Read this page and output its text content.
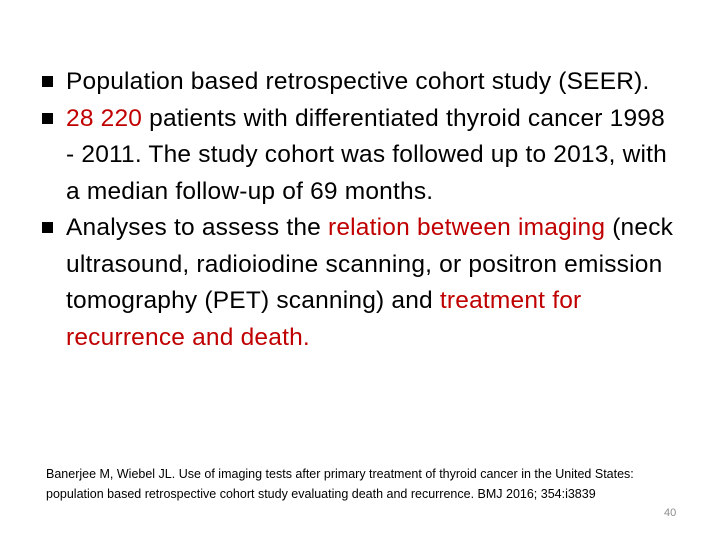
Population based retrospective cohort study (SEER).
28 220 patients with differentiated thyroid cancer 1998 - 2011. The study cohort was followed up to 2013, with a median follow-up of 69 months.
Analyses to assess the relation between imaging (neck ultrasound, radioiodine scanning, or positron emission tomography (PET) scanning) and treatment for recurrence and death.
Banerjee M, Wiebel JL. Use of imaging tests after primary treatment of thyroid cancer in the United States: population based retrospective cohort study evaluating death and recurrence. BMJ 2016; 354:i3839
40
